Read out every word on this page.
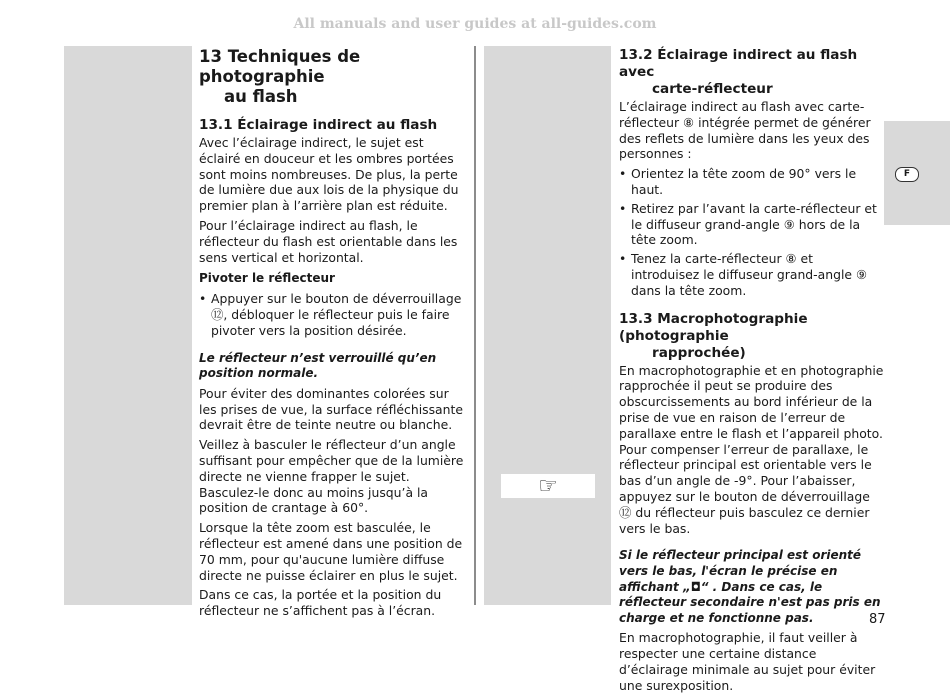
All manuals and user guides at all-guides.com
13 Techniques de photographie
au flash
13.1 Éclairage indirect au flash

Avec l’éclairage indirect, le sujet est éclairé en douceur et les ombres portées sont moins nombreuses. De plus, la perte de lumière due aux lois de la physique du premier plan à l’arrière plan est réduite.

Pour l’éclairage indirect au flash, le réflecteur du flash est orientable dans les sens vertical et horizontal.

Pivoter le réflecteur
• Appuyer sur le bouton de déverrouillage ⑫, débloquer le réflecteur puis le faire pivoter vers la position désirée.

Le réflecteur n’est verrouillé qu’en position normale.

Pour éviter des dominantes colorées sur les prises de vue, la surface réfléchissante devrait être de teinte neutre ou blanche.

Veillez à basculer le réflecteur d’un angle suffisant pour empêcher que de la lumière directe ne vienne frapper le sujet. Basculez-le donc au moins jusqu’à la position de crantage à 60°.

Lorsque la tête zoom est basculée, le réflecteur est amené dans une position de 70 mm, pour qu'aucune lumière diffuse directe ne puisse éclairer en plus le sujet.

Dans ce cas, la portée et la position du réflecteur ne s’affichent pas à l’écran.

13.2 Éclairage indirect au flash avec
carte-réflecteur

L’éclairage indirect au flash avec carte-réflecteur ⑧ intégrée permet de générer des reflets de lumière dans les yeux des personnes :

• Orientez la tête zoom de 90° vers le haut.
• Retirez par l’avant la carte-réflecteur et le diffuseur grand-angle ⑨ hors de la tête zoom.
• Tenez la carte-réflecteur ⑧ et introduisez le diffuseur grand-angle ⑨ dans la tête zoom.
13.3 Macrophotographie (photographie
rapprochée)

En macrophotographie et en photographie rapprochée il peut se produire des obscurcissements au bord inférieur de la prise de vue en raison de l’erreur de parallaxe entre le flash et l’appareil photo. Pour compenser l’erreur de parallaxe, le réflecteur principal est orientable vers le bas d’un angle de -9°. Pour l’abaisser, appuyez sur le bouton de déverrouillage ⑫ du réflecteur puis basculez ce dernier vers le bas.

Si le réflecteur principal est orienté vers le bas, l'écran le précise en affichant „◘“ . Dans ce cas, le réflecteur secondaire n'est pas pris en charge et ne fonctionne pas.

En macrophotographie, il faut veiller à respecter une certaine distance d’éclairage minimale au sujet pour éviter une surexposition.

☞
F
87
